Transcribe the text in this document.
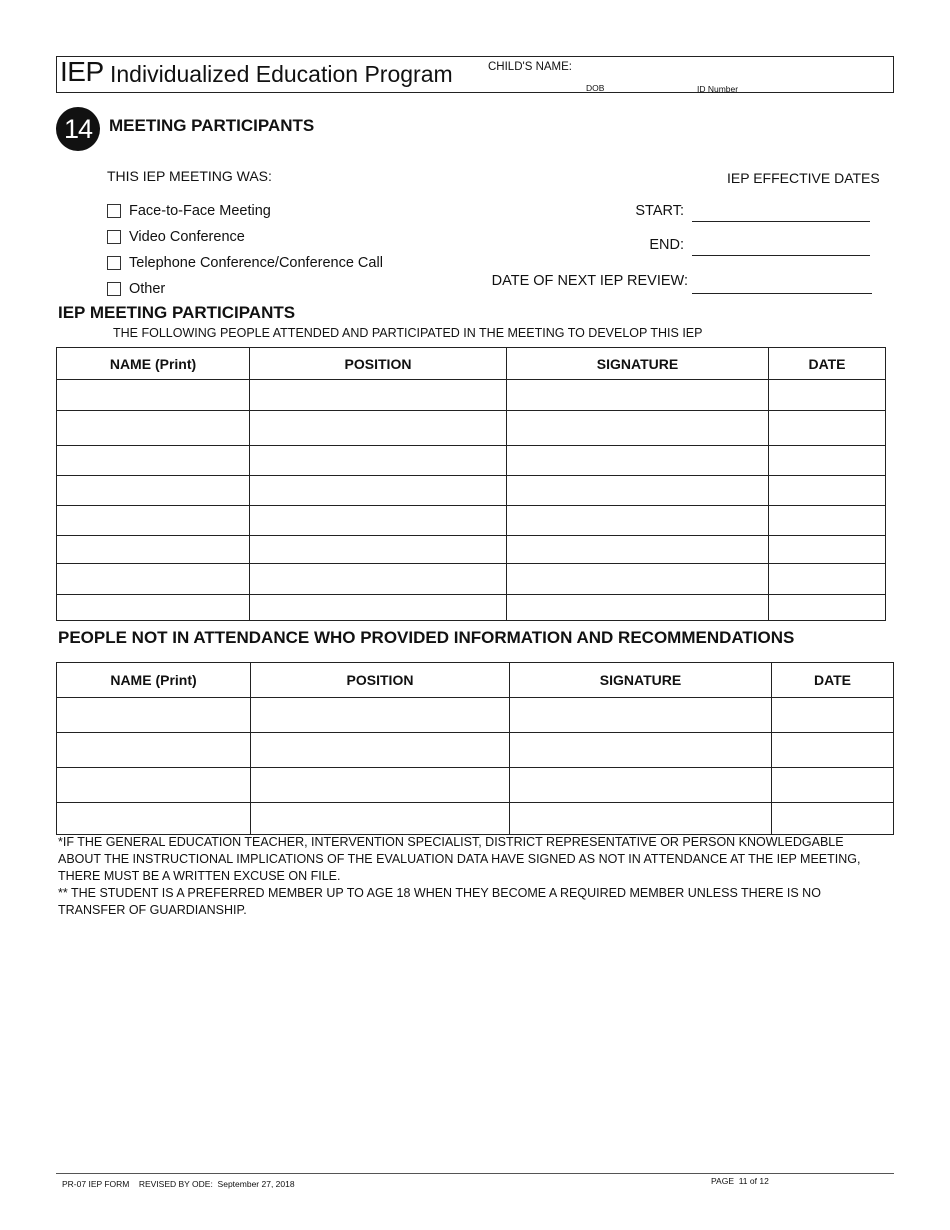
IEP Individualized Education Program	CHILD'S NAME:
DOB	ID Number
14 MEETING PARTICIPANTS
THIS IEP MEETING WAS:
Face-to-Face Meeting
Video Conference
Telephone Conference/Conference Call
Other
IEP EFFECTIVE DATES
START:
END:
DATE OF NEXT IEP REVIEW:
IEP MEETING PARTICIPANTS
THE FOLLOWING PEOPLE ATTENDED AND PARTICIPATED IN THE MEETING TO DEVELOP THIS IEP
NAME (Print)	POSITION	SIGNATURE	DATE

PEOPLE NOT IN ATTENDANCE WHO PROVIDED INFORMATION AND RECOMMENDATIONS
NAME (Print)	POSITION	SIGNATURE	DATE

*IF THE GENERAL EDUCATION TEACHER, INTERVENTION SPECIALIST, DISTRICT REPRESENTATIVE OR PERSON KNOWLEDGABLE ABOUT THE INSTRUCTIONAL IMPLICATIONS OF THE EVALUATION DATA HAVE SIGNED AS NOT IN ATTENDANCE AT THE IEP MEETING, THERE MUST BE A WRITTEN EXCUSE ON FILE.

** THE STUDENT IS A PREFERRED MEMBER UP TO AGE 18 WHEN THEY BECOME A REQUIRED MEMBER UNLESS THERE IS NO TRANSFER OF GUARDIANSHIP.

PR-07 IEP FORM    REVISED BY ODE:  September 27, 2018	PAGE  11 of 12
